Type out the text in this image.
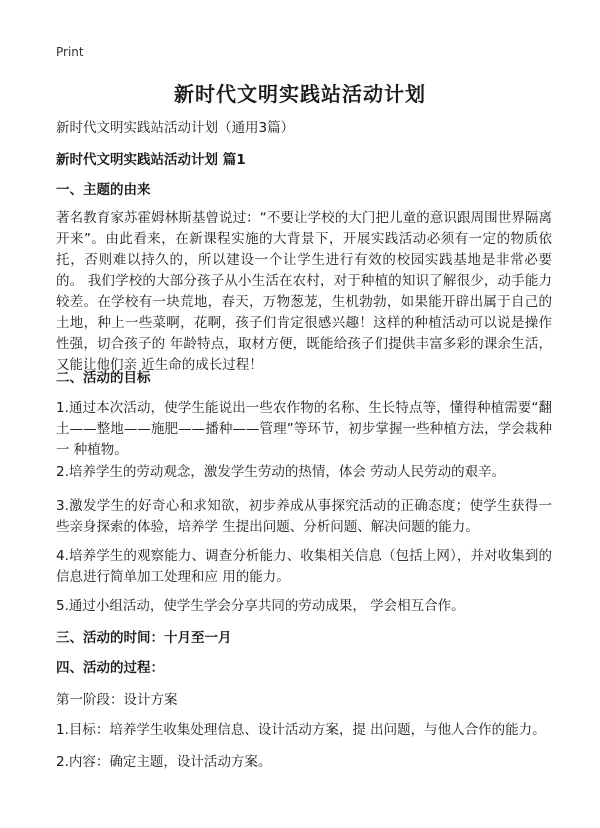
Print
新时代文明实践站活动计划
新时代文明实践站活动计划（通用3篇）
新时代文明实践站活动计划 篇1
一、主题的由来
著名教育家苏霍姆林斯基曾说过：“不要让学校的大门把儿童的意识跟周围世界隔离开来”。由此看来，在新课程实施的大背景下，开展实践活动必须有一定的物质依托，否则难以持久的，所以建设一个让学生进行有效的校园实践基地是非常必要的。 我们学校的大部分孩子从小生活在农村，对于种植的知识了解很少，动手能力较差。在学校有一块荒地，春天，万物葱茏，生机勃勃，如果能开辟出属于自己的土地，种上一些菜啊，花啊，孩子们肯定很感兴趣！这样的种植活动可以说是操作性强，切合孩子的 年龄特点，取材方便，既能给孩子们提供丰富多彩的课余生活，又能让他们亲 近生命的成长过程！
二、活动的目标
1.通过本次活动，使学生能说出一些农作物的名称、生长特点等，懂得种植需要“翻土——整地——施肥——播种——管理”等环节，初步掌握一些种植方法，学会栽种一 种植物。
2.培养学生的劳动观念，激发学生劳动的热情，体会 劳动人民劳动的艰辛。
3.激发学生的好奇心和求知欲，初步养成从事探究活动的正确态度；使学生获得一些亲身探索的体验，培养学 生提出问题、分析问题、解决问题的能力。
4.培养学生的观察能力、调查分析能力、收集相关信息（包括上网），并对收集到的信息进行简单加工处理和应 用的能力。
5.通过小组活动，使学生学会分享共同的劳动成果， 学会相互合作。
三、活动的时间：十月至一月
四、活动的过程：
第一阶段：设计方案
1.目标：培养学生收集处理信息、设计活动方案，提 出问题，与他人合作的能力。
2.内容：确定主题，设计活动方案。
